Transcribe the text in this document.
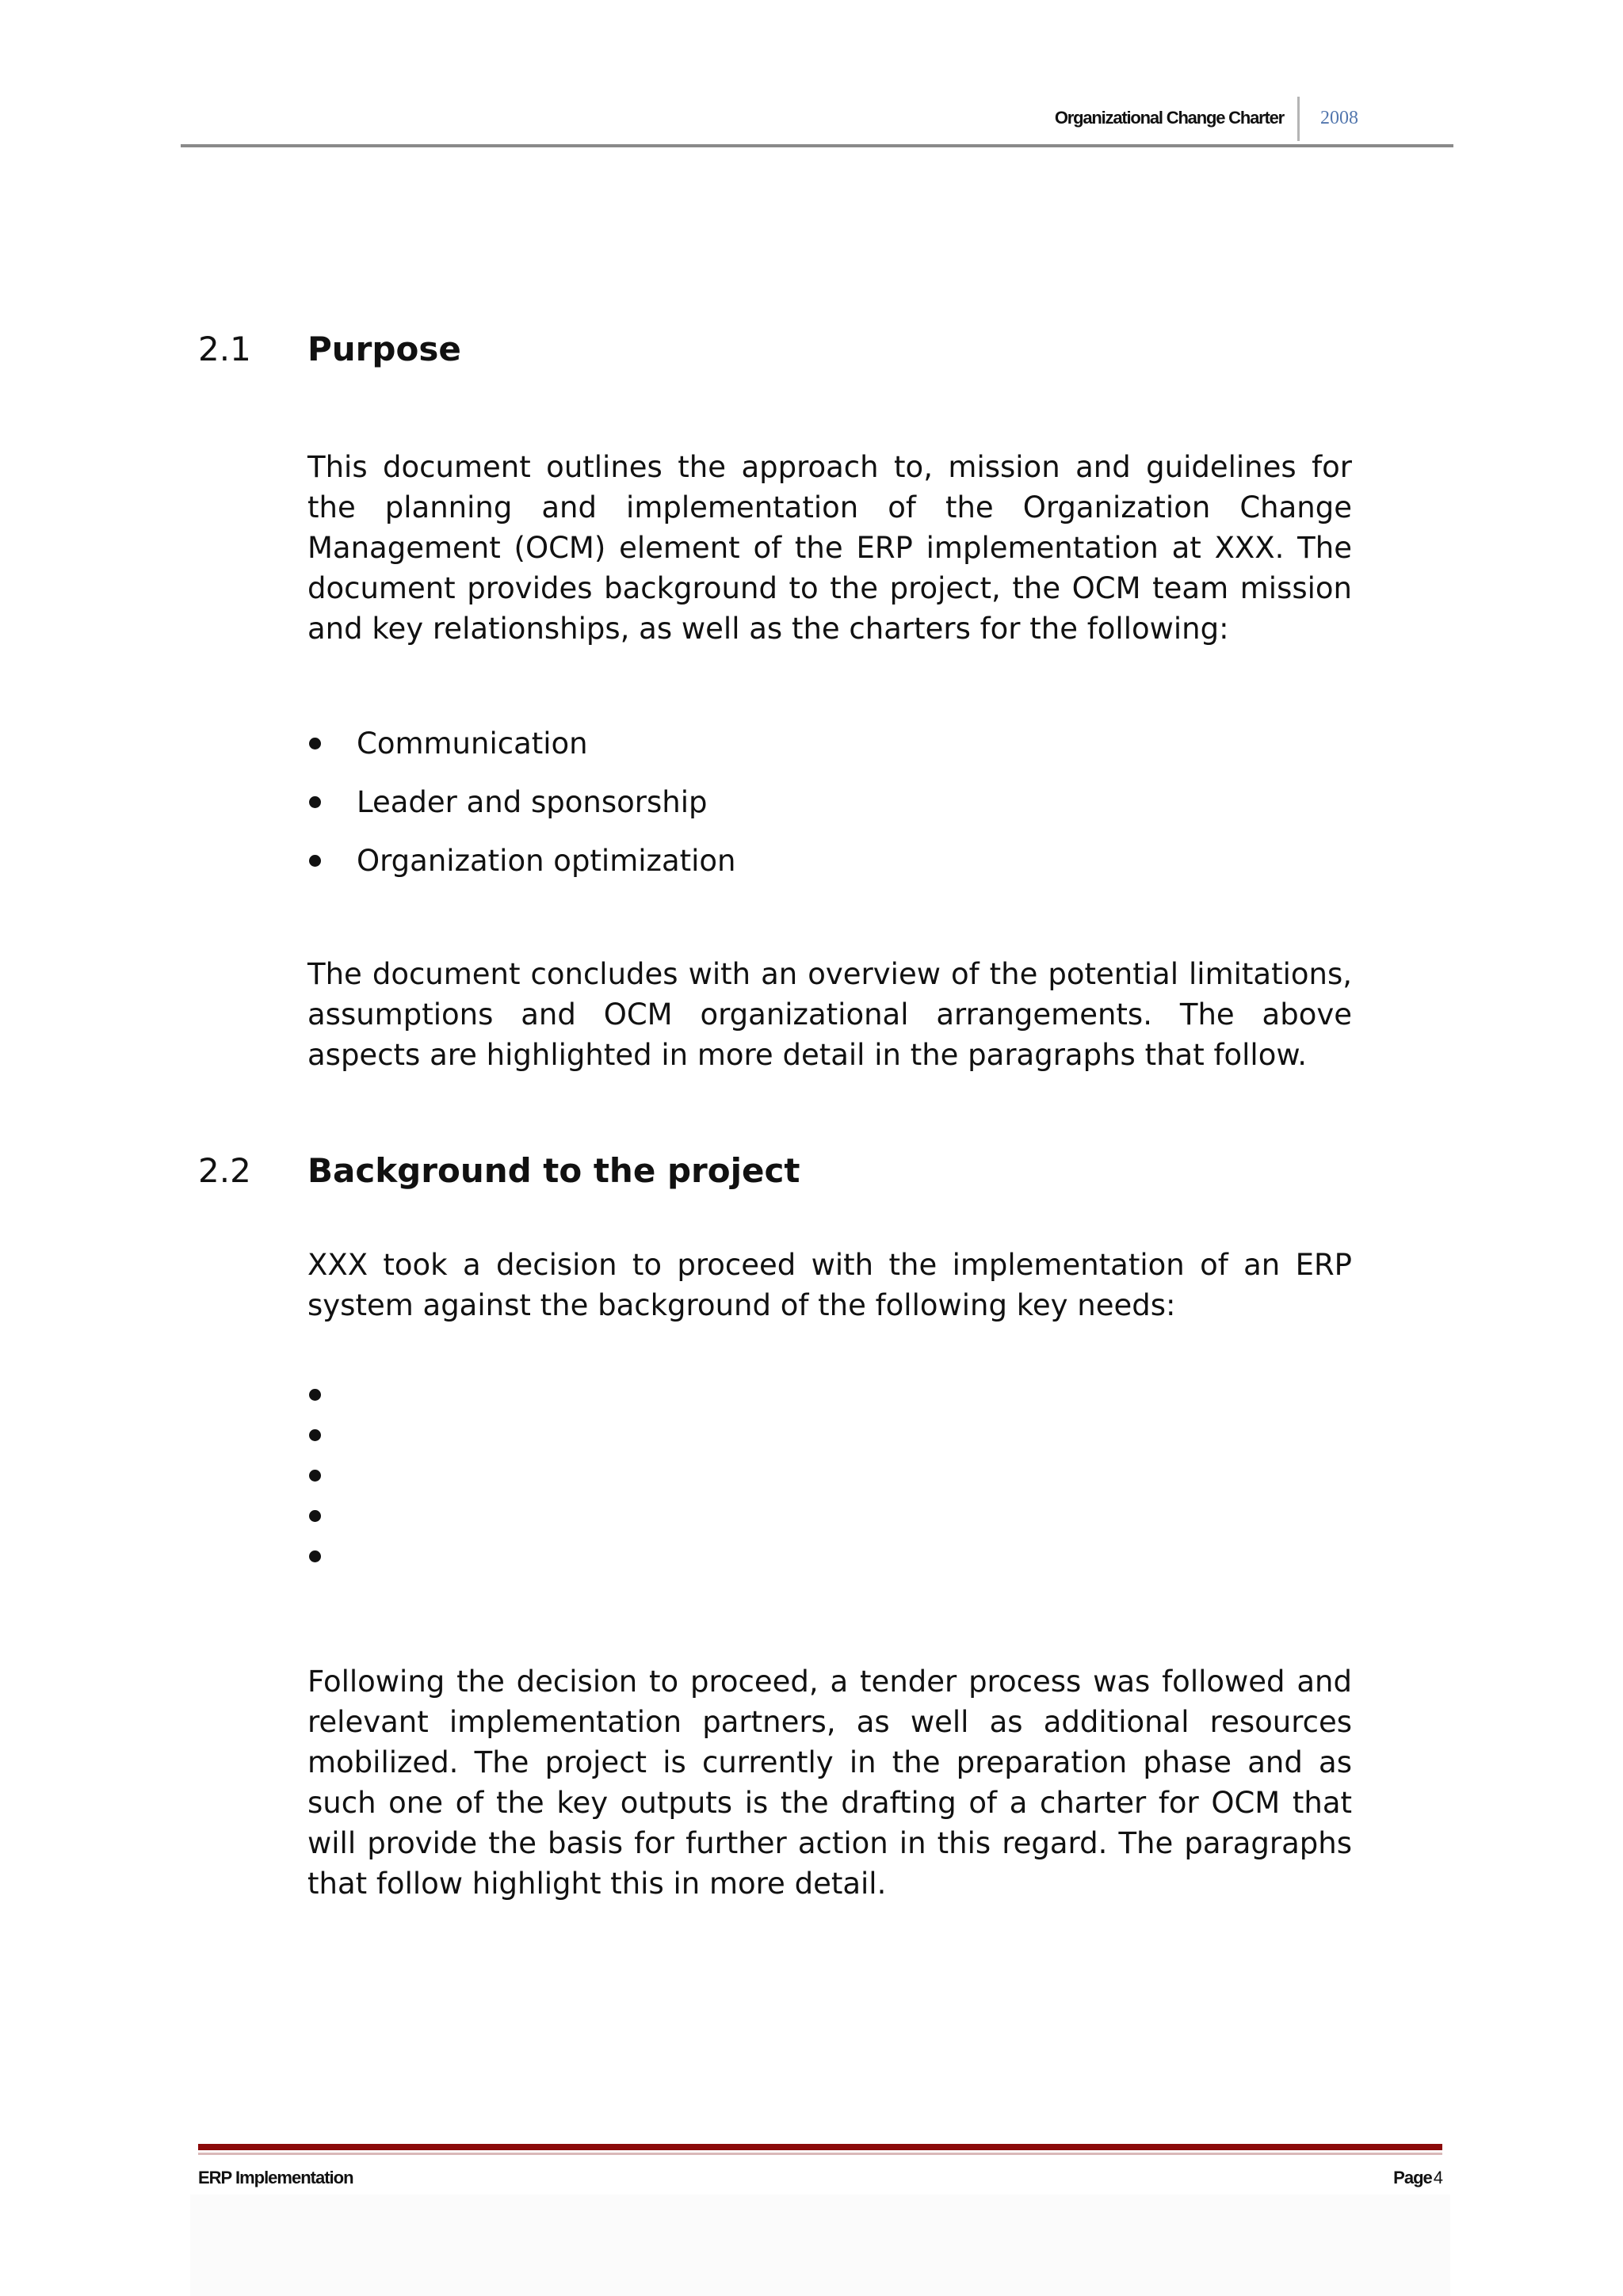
Organizational Change Charter 2008
2.1 Purpose

This document outlines the approach to, mission and guidelines for the planning and implementation of the Organization Change Management (OCM) element of the ERP implementation at XXX. The document provides background to the project, the OCM team mission and key relationships, as well as the charters for the following:

Communication
Leader and sponsorship
Organization optimization

The document concludes with an overview of the potential limitations, assumptions and OCM organizational arrangements. The above aspects are highlighted in more detail in the paragraphs that follow.

2.2 Background to the project

XXX took a decision to proceed with the implementation of an ERP system against the background of the following key needs:

Following the decision to proceed, a tender process was followed and relevant implementation partners, as well as additional resources mobilized. The project is currently in the preparation phase and as such one of the key outputs is the drafting of a charter for OCM that will provide the basis for further action in this regard. The paragraphs that follow highlight this in more detail.

ERP Implementation	Page4
